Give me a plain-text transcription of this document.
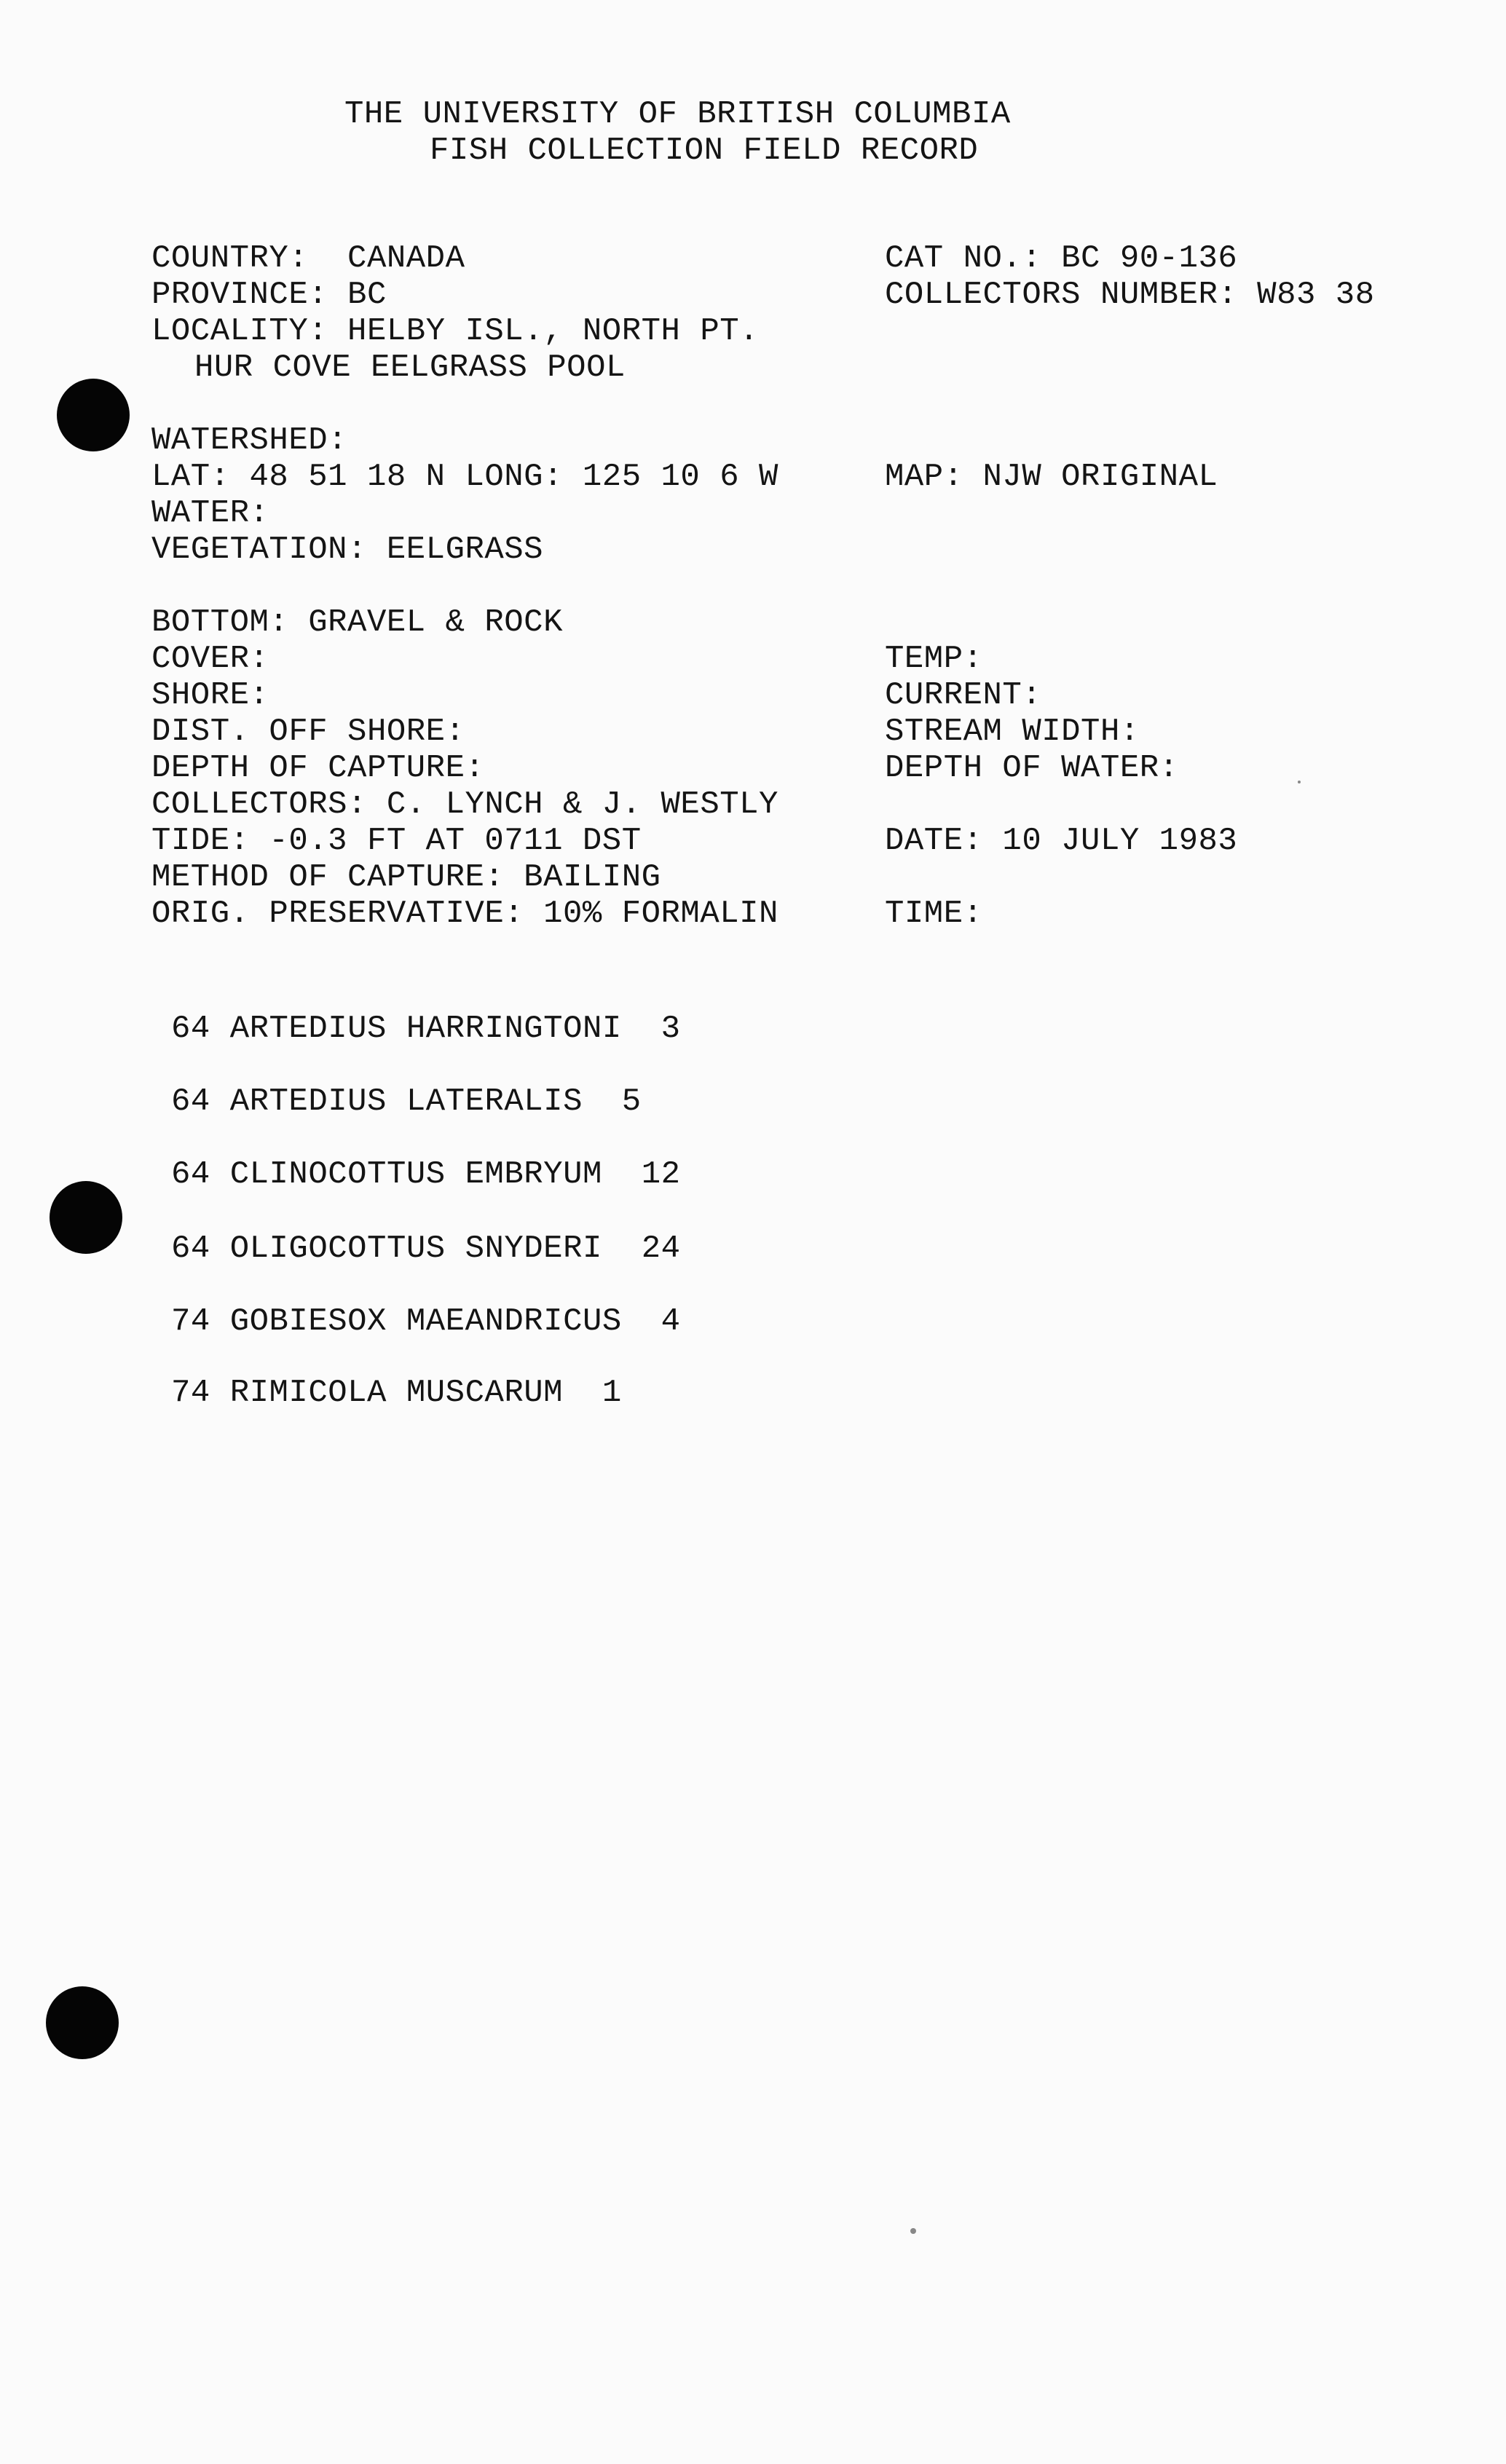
THE UNIVERSITY OF BRITISH COLUMBIA
FISH COLLECTION FIELD RECORD
COUNTRY:  CANADA
PROVINCE: BC
LOCALITY: HELBY ISL., NORTH PT.
HUR COVE EELGRASS POOL
CAT NO.: BC 90-136
COLLECTORS NUMBER: W83 38
WATERSHED:
LAT: 48 51 18 N LONG: 125 10 6 W	MAP: NJW ORIGINAL
WATER:
VEGETATION: EELGRASS
BOTTOM: GRAVEL & ROCK
COVER:	TEMP:
SHORE:	CURRENT:
DIST. OFF SHORE:	STREAM WIDTH:
DEPTH OF CAPTURE:	DEPTH OF WATER:
COLLECTORS: C. LYNCH & J. WESTLY
TIDE: -0.3 FT AT 0711 DST	DATE: 10 JULY 1983
METHOD OF CAPTURE: BAILING
ORIG. PRESERVATIVE: 10% FORMALIN	TIME:
64 ARTEDIUS HARRINGTONI  3
64 ARTEDIUS LATERALIS  5
64 CLINOCOTTUS EMBRYUM  12
64 OLIGOCOTTUS SNYDERI  24
74 GOBIESOX MAEANDRICUS  4
74 RIMICOLA MUSCARUM  1
